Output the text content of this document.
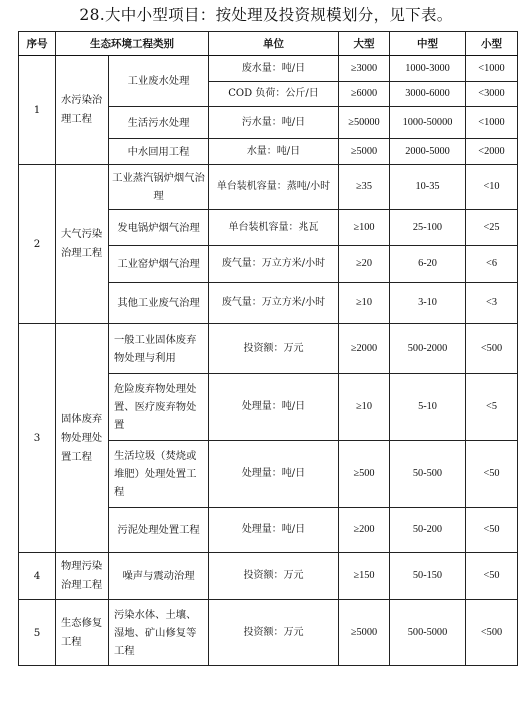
28.大中小型项目：按处理及投资规模划分，见下表。
序号	生态环境工程类别		单位	大型	中型	小型
1	水污染治理工程	工业废水处理	废水量：吨/日	≥3000	1000-3000	<1000
			COD 负荷：公斤/日	≥6000	3000-6000	<3000
		生活污水处理	污水量：吨/日	≥50000	1000-50000	<1000
		中水回用工程	水量：吨/日	≥5000	2000-5000	<2000
2	大气污染治理工程	工业蒸汽锅炉烟气治理	单台装机容量：蒸吨/小时	≥35	10-35	<10
		发电锅炉烟气治理	单台装机容量：兆瓦	≥100	25-100	<25
		工业窑炉烟气治理	废气量：万立方米/小时	≥20	6-20	<6
		其他工业废气治理	废气量：万立方米/小时	≥10	3-10	<3
3	固体废弃物处理处置工程	一般工业固体废弃物处理与利用	投资额：万元	≥2000	500-2000	<500
		危险废弃物处理处置、医疗废弃物处置	处理量：吨/日	≥10	5-10	<5
		生活垃圾（焚烧或堆肥）处理处置工程	处理量：吨/日	≥500	50-500	<50
		污泥处理处置工程	处理量：吨/日	≥200	50-200	<50
4	物理污染治理工程	噪声与震动治理	投资额：万元	≥150	50-150	<50
5	生态修复工程	污染水体、土壤、湿地、矿山修复等工程	投资额：万元	≥5000	500-5000	<500
